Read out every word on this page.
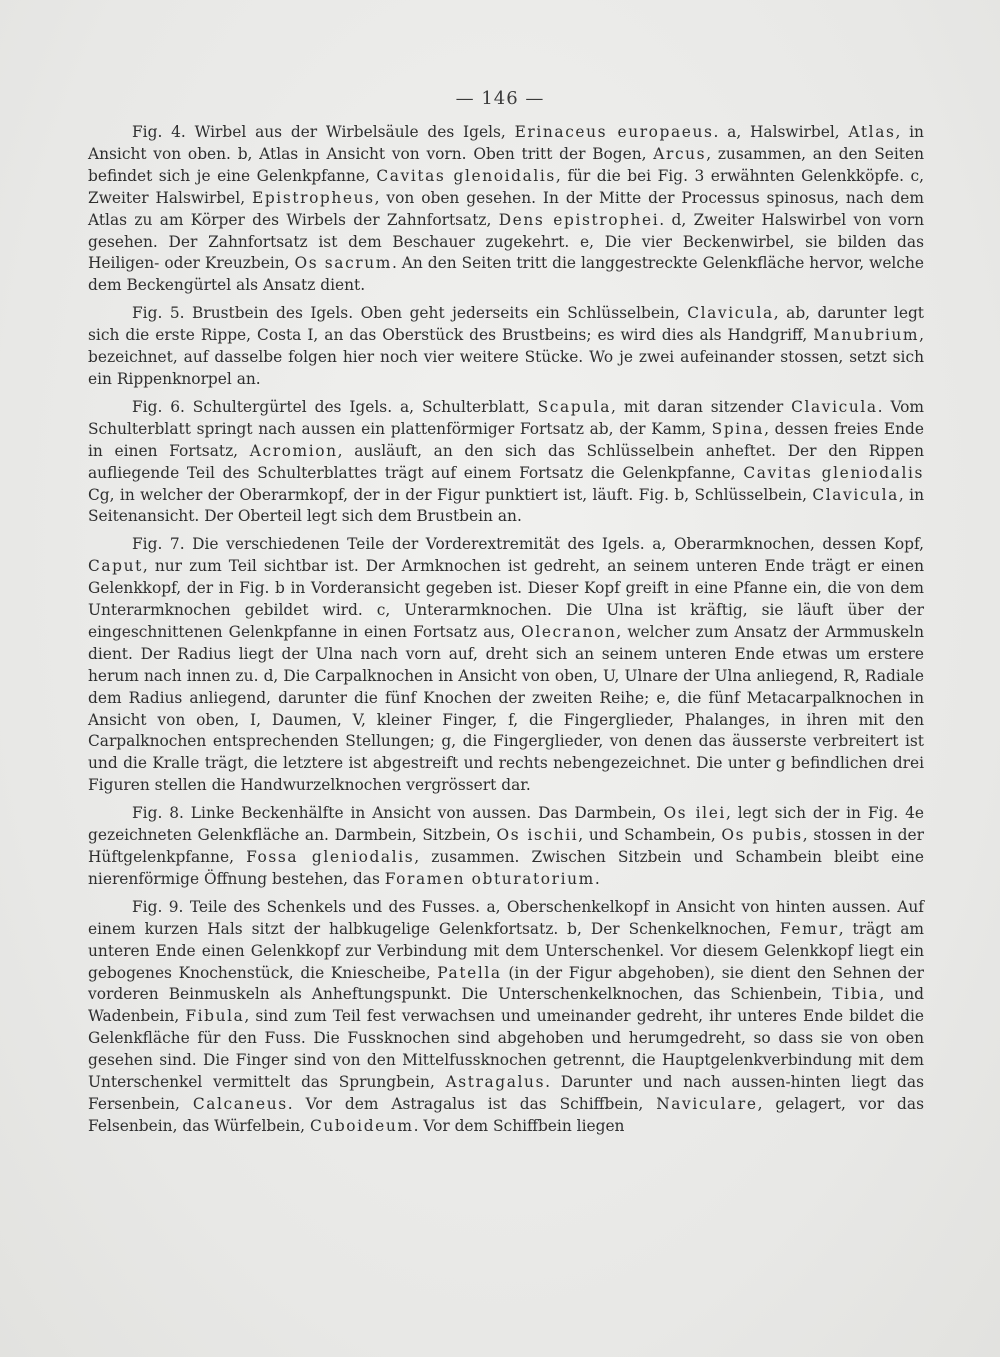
— 146 —

Fig. 4. Wirbel aus der Wirbelsäule des Igels, Erinaceus europaeus. a, Halswirbel, Atlas, in Ansicht von oben. b, Atlas in Ansicht von vorn. Oben tritt der Bogen, Arcus, zusammen, an den Seiten befindet sich je eine Gelenkpfanne, Cavitas glenoidalis, für die bei Fig. 3 erwähnten Gelenkköpfe. c, Zweiter Halswirbel, Epistropheus, von oben gesehen. In der Mitte der Processus spinosus, nach dem Atlas zu am Körper des Wirbels der Zahnfortsatz, Dens epistrophei. d, Zweiter Halswirbel von vorn gesehen. Der Zahnfortsatz ist dem Beschauer zugekehrt. e, Die vier Beckenwirbel, sie bilden das Heiligen- oder Kreuzbein, Os sacrum. An den Seiten tritt die langgestreckte Gelenkfläche hervor, welche dem Beckengürtel als Ansatz dient.

Fig. 5. Brustbein des Igels. Oben geht jederseits ein Schlüsselbein, Clavicula, ab, darunter legt sich die erste Rippe, Costa I, an das Oberstück des Brustbeins; es wird dies als Handgriff, Manubrium, bezeichnet, auf dasselbe folgen hier noch vier weitere Stücke. Wo je zwei aufeinander stossen, setzt sich ein Rippenknorpel an.

Fig. 6. Schultergürtel des Igels. a, Schulterblatt, Scapula, mit daran sitzender Clavicula. Vom Schulterblatt springt nach aussen ein plattenförmiger Fortsatz ab, der Kamm, Spina, dessen freies Ende in einen Fortsatz, Acromion, ausläuft, an den sich das Schlüsselbein anheftet. Der den Rippen aufliegende Teil des Schulterblattes trägt auf einem Fortsatz die Gelenkpfanne, Cavitas gleniodalis Cg, in welcher der Oberarmkopf, der in der Figur punktiert ist, läuft. Fig. b, Schlüsselbein, Clavicula, in Seitenansicht. Der Oberteil legt sich dem Brustbein an.

Fig. 7. Die verschiedenen Teile der Vorderextremität des Igels. a, Oberarmknochen, dessen Kopf, Caput, nur zum Teil sichtbar ist. Der Armknochen ist gedreht, an seinem unteren Ende trägt er einen Gelenkkopf, der in Fig. b in Vorderansicht gegeben ist. Dieser Kopf greift in eine Pfanne ein, die von dem Unterarmknochen gebildet wird. c, Unterarmknochen. Die Ulna ist kräftig, sie läuft über der eingeschnittenen Gelenkpfanne in einen Fortsatz aus, Olecranon, welcher zum Ansatz der Armmuskeln dient. Der Radius liegt der Ulna nach vorn auf, dreht sich an seinem unteren Ende etwas um erstere herum nach innen zu. d, Die Carpalknochen in Ansicht von oben, U, Ulnare der Ulna anliegend, R, Radiale dem Radius anliegend, darunter die fünf Knochen der zweiten Reihe; e, die fünf Metacarpalknochen in Ansicht von oben, I, Daumen, V, kleiner Finger, f, die Fingerglieder, Phalanges, in ihren mit den Carpalknochen entsprechenden Stellungen; g, die Fingerglieder, von denen das äusserste verbreitert ist und die Kralle trägt, die letztere ist abgestreift und rechts nebengezeichnet. Die unter g befindlichen drei Figuren stellen die Handwurzelknochen vergrössert dar.

Fig. 8. Linke Beckenhälfte in Ansicht von aussen. Das Darmbein, Os ilei, legt sich der in Fig. 4e gezeichneten Gelenkfläche an. Darmbein, Sitzbein, Os ischii, und Schambein, Os pubis, stossen in der Hüftgelenkpfanne, Fossa gleniodalis, zusammen. Zwischen Sitzbein und Schambein bleibt eine nierenförmige Öffnung bestehen, das Foramen obturatorium.

Fig. 9. Teile des Schenkels und des Fusses. a, Oberschenkelkopf in Ansicht von hinten aussen. Auf einem kurzen Hals sitzt der halbkugelige Gelenkfortsatz. b, Der Schenkelknochen, Femur, trägt am unteren Ende einen Gelenkkopf zur Verbindung mit dem Unterschenkel. Vor diesem Gelenkkopf liegt ein gebogenes Knochenstück, die Kniescheibe, Patella (in der Figur abgehoben), sie dient den Sehnen der vorderen Beinmuskeln als Anheftungspunkt. Die Unterschenkelknochen, das Schienbein, Tibia, und Wadenbein, Fibula, sind zum Teil fest verwachsen und umeinander gedreht, ihr unteres Ende bildet die Gelenkfläche für den Fuss. Die Fussknochen sind abgehoben und herumgedreht, so dass sie von oben gesehen sind. Die Finger sind von den Mittelfussknochen getrennt, die Hauptgelenkverbindung mit dem Unterschenkel vermittelt das Sprungbein, Astragalus. Darunter und nach aussen-hinten liegt das Fersenbein, Calcaneus. Vor dem Astragalus ist das Schiffbein, Naviculare, gelagert, vor das Felsenbein, das Würfelbein, Cuboideum. Vor dem Schiffbein liegen
